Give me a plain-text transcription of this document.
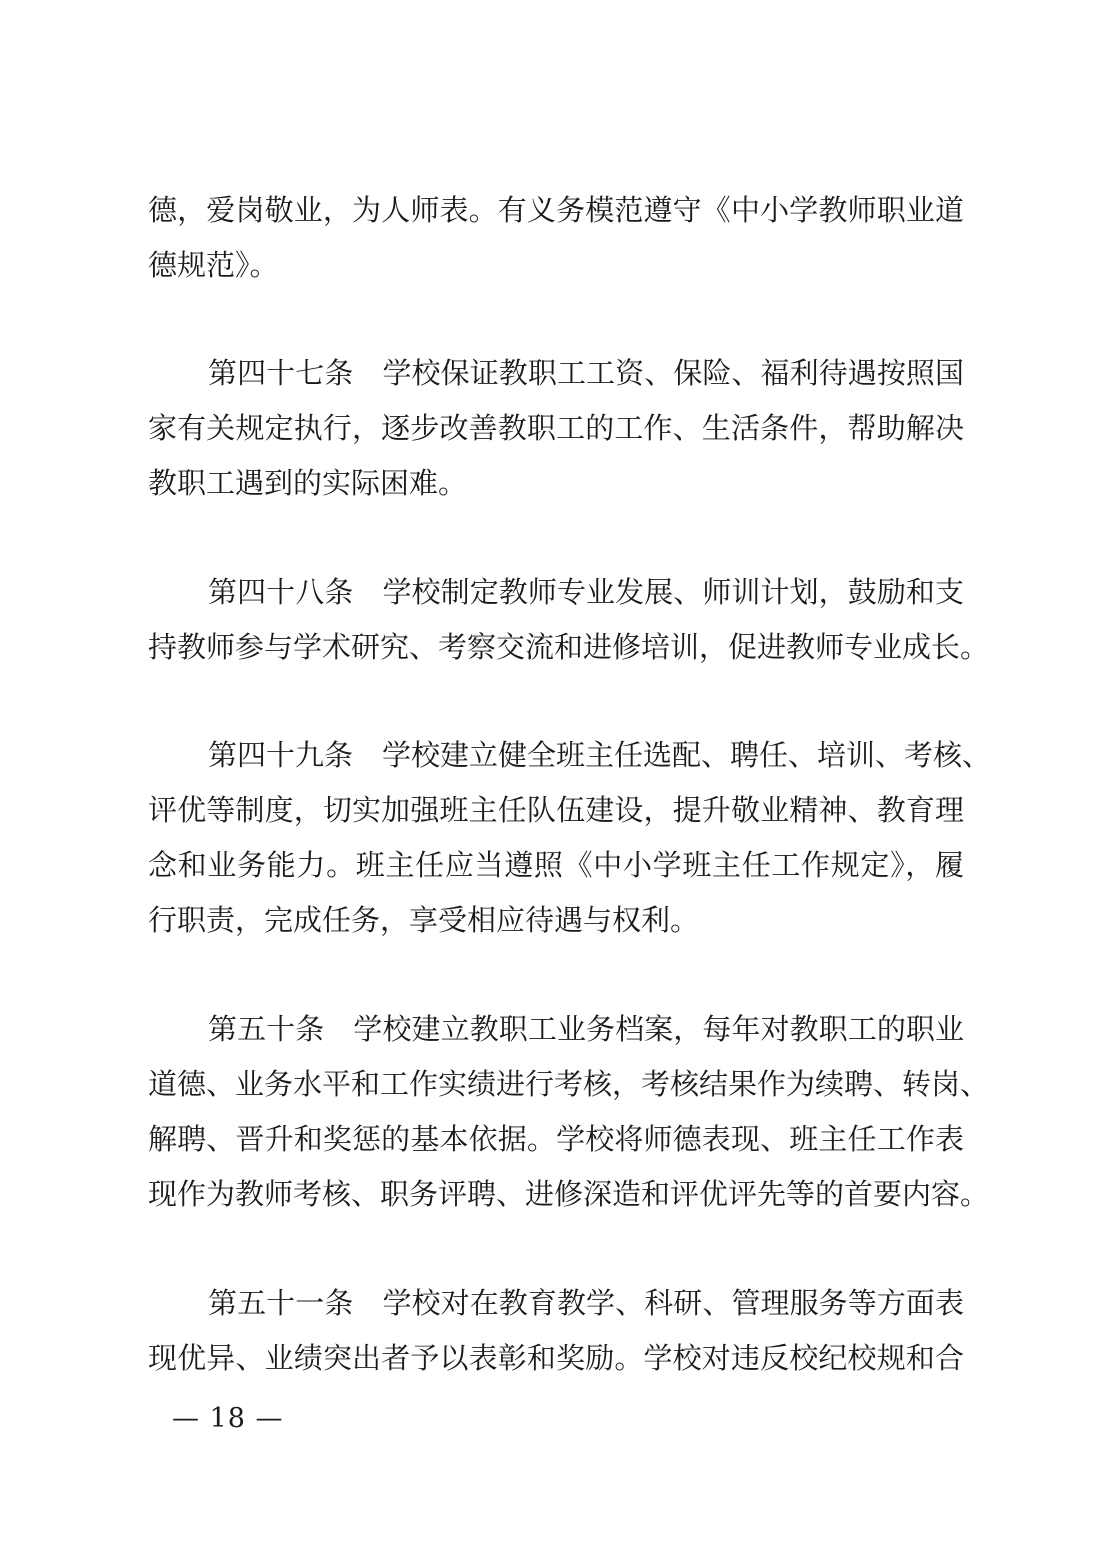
德，爱岗敬业，为人师表。有义务模范遵守《中小学教师职业道
德规范》。
第四十七条　学校保证教职工工资、保险、福利待遇按照国
家有关规定执行，逐步改善教职工的工作、生活条件，帮助解决
教职工遇到的实际困难。
第四十八条　学校制定教师专业发展、师训计划，鼓励和支
持教师参与学术研究、考察交流和进修培训，促进教师专业成长。
第四十九条　学校建立健全班主任选配、聘任、培训、考核、
评优等制度，切实加强班主任队伍建设，提升敬业精神、教育理
念和业务能力。班主任应当遵照《中小学班主任工作规定》，履
行职责，完成任务，享受相应待遇与权利。
第五十条　学校建立教职工业务档案，每年对教职工的职业
道德、业务水平和工作实绩进行考核，考核结果作为续聘、转岗、
解聘、晋升和奖惩的基本依据。学校将师德表现、班主任工作表
现作为教师考核、职务评聘、进修深造和评优评先等的首要内容。
第五十一条　学校对在教育教学、科研、管理服务等方面表
现优异、业绩突出者予以表彰和奖励。学校对违反校纪校规和合
— 18 —
